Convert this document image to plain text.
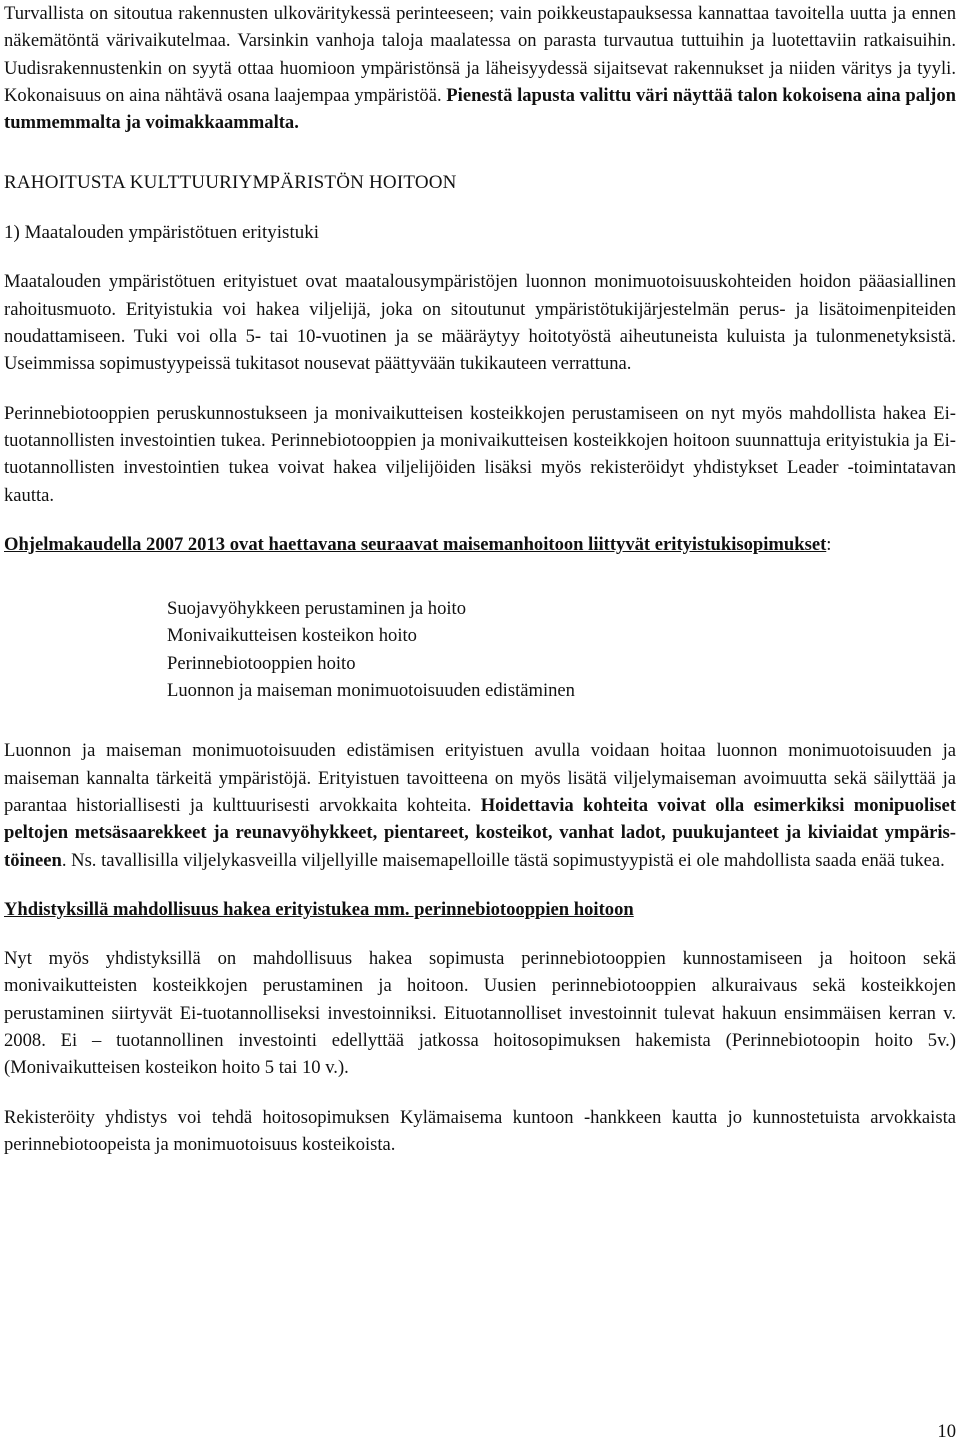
Turvallista on sitoutua rakennusten ulkoväritykessä perinteeseen; vain poikkeustapauksessa kannattaa tavoitella uutta ja ennen näkemätöntä värivaikutelmaa. Varsinkin vanhoja taloja maalatessa on parasta turvautua tuttuihin ja luotettaviin ratkaisuihin. Uudisrakennustenkin on syytä ottaa huomioon ympäristönsä ja läheisyydessä sijaitsevat rakennukset ja niiden väritys ja tyyli. Kokonaisuus on aina nähtävä osana laajempaa ympäristöä. Pienestä lapusta valittu väri näyttää talon kokoisena aina paljon tummemmalta ja voimakkaammalta.

RAHOITUSTA KULTTUURIYMPÄRISTÖN HOITOON

1) Maatalouden ympäristötuen erityistuki

Maatalouden ympäristötuen erityistuet ovat maatalousympäristöjen luonnon monimuotoisuuskohteiden hoidon pääasiallinen rahoitusmuoto. Erityistukia voi hakea viljelijä, joka on sitoutunut ympäristötukijärjestelmän perus- ja lisätoimenpiteiden noudattamiseen. Tuki voi olla 5- tai 10-vuotinen ja se määräytyy hoitotyöstä aiheutuneista kuluista ja tulonmenetyksistä. Useimmissa sopimustyypeissä tukitasot nousevat päättyvään tukikauteen verrattuna.

Perinnebiotooppien peruskunnostukseen ja monivaikutteisen kosteikkojen perustamiseen on nyt myös mahdollista hakea Ei-tuotannollisten investointien tukea. Perinnebiotooppien ja monivaikutteisen kosteikkojen hoitoon suunnattuja erityistukia ja Ei-tuotannollisten investointien tukea voivat hakea viljelijöiden lisäksi myös rekisteröidyt yhdistykset Leader -toimintatavan kautta.

Ohjelmakaudella 2007 2013 ovat haettavana seuraavat maisemanhoitoon liittyvät erityistukisopimukset:

Suojavyöhykkeen perustaminen ja hoito
Monivaikutteisen kosteikon hoito
Perinnebiotooppien hoito
Luonnon ja maiseman monimuotoisuuden edistäminen

Luonnon ja maiseman monimuotoisuuden edistämisen erityistuen avulla voidaan hoitaa luonnon monimuotoisuuden ja maiseman kannalta tärkeitä ympäristöjä. Erityistuen tavoitteena on myös lisätä viljelymaiseman avoimuutta sekä säilyttää ja parantaa historiallisesti ja kulttuurisesti arvokkaita kohteita. Hoidettavia kohteita voivat olla esimerkiksi monipuoliset peltojen metsäsaarekkeet ja reunavyöhykkeet, pientareet, kosteikot, vanhat ladot, puukujanteet ja kiviaidat ympäristöineen. Ns. tavallisilla viljelykasveilla viljellyille maisemapelloille tästä sopimustyypistä ei ole mahdollista saada enää tukea.

Yhdistyksillä mahdollisuus hakea erityistukea mm. perinnebiotooppien hoitoon

Nyt myös yhdistyksillä on mahdollisuus hakea sopimusta perinnebiotooppien kunnostamiseen ja hoitoon sekä monivaikutteisten kosteikkojen perustaminen ja hoitoon. Uusien perinnebiotooppien alkuraivaus sekä kosteikkojen perustaminen siirtyvät Ei-tuotannolliseksi investoinniksi. Eituotannolliset investoinnit tulevat hakuun ensimmäisen kerran v. 2008. Ei – tuotannollinen investointi edellyttää jatkossa hoitosopimuksen hakemista (Perinnebiotoopin hoito 5v.) (Monivaikutteisen kosteikon hoito 5 tai 10 v.).

Rekisteröity yhdistys voi tehdä hoitosopimuksen Kylämaisema kuntoon -hankkeen kautta jo kunnostetuista arvokkaista perinnebiotoopeista ja monimuotoisuus kosteikoista.

10
